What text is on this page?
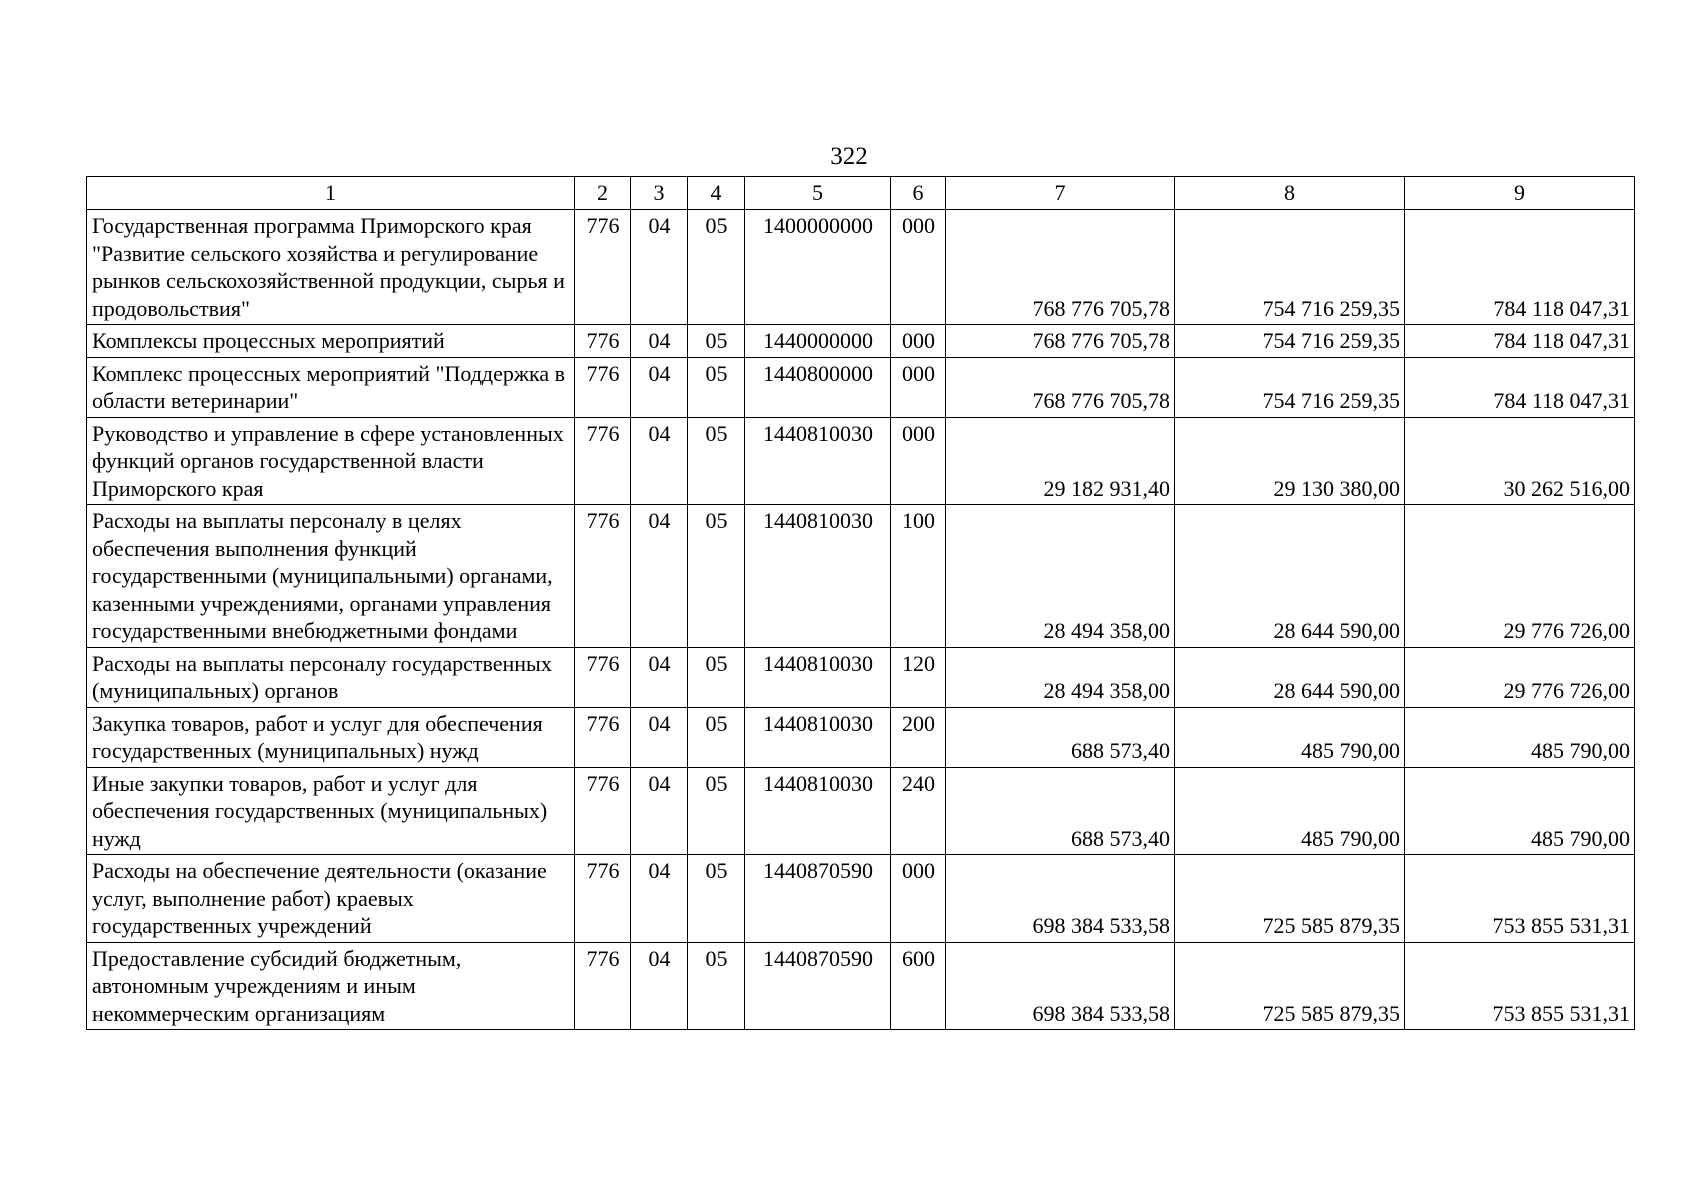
322
1	2	3	4	5	6	7	8	9
Государственная программа Приморского края "Развитие сельского хозяйства и регулирование рынков сельскохозяйственной продукции, сырья и продовольствия"	776	04	05	1400000000	000	768 776 705,78	754 716 259,35	784 118 047,31
Комплексы процессных мероприятий	776	04	05	1440000000	000	768 776 705,78	754 716 259,35	784 118 047,31
Комплекс процессных мероприятий "Поддержка в области ветеринарии"	776	04	05	1440800000	000	768 776 705,78	754 716 259,35	784 118 047,31
Руководство и управление в сфере установленных функций органов государственной власти Приморского края	776	04	05	1440810030	000	29 182 931,40	29 130 380,00	30 262 516,00
Расходы на выплаты персоналу в целях обеспечения выполнения функций государственными (муниципальными) органами, казенными учреждениями, органами управления государственными внебюджетными фондами	776	04	05	1440810030	100	28 494 358,00	28 644 590,00	29 776 726,00
Расходы на выплаты персоналу государственных (муниципальных) органов	776	04	05	1440810030	120	28 494 358,00	28 644 590,00	29 776 726,00
Закупка товаров, работ и услуг для обеспечения государственных (муниципальных) нужд	776	04	05	1440810030	200	688 573,40	485 790,00	485 790,00
Иные закупки товаров, работ и услуг для обеспечения государственных (муниципальных) нужд	776	04	05	1440810030	240	688 573,40	485 790,00	485 790,00
Расходы на обеспечение деятельности (оказание услуг, выполнение работ) краевых государственных учреждений	776	04	05	1440870590	000	698 384 533,58	725 585 879,35	753 855 531,31
Предоставление субсидий бюджетным, автономным учреждениям и иным некоммерческим организациям	776	04	05	1440870590	600	698 384 533,58	725 585 879,35	753 855 531,31
